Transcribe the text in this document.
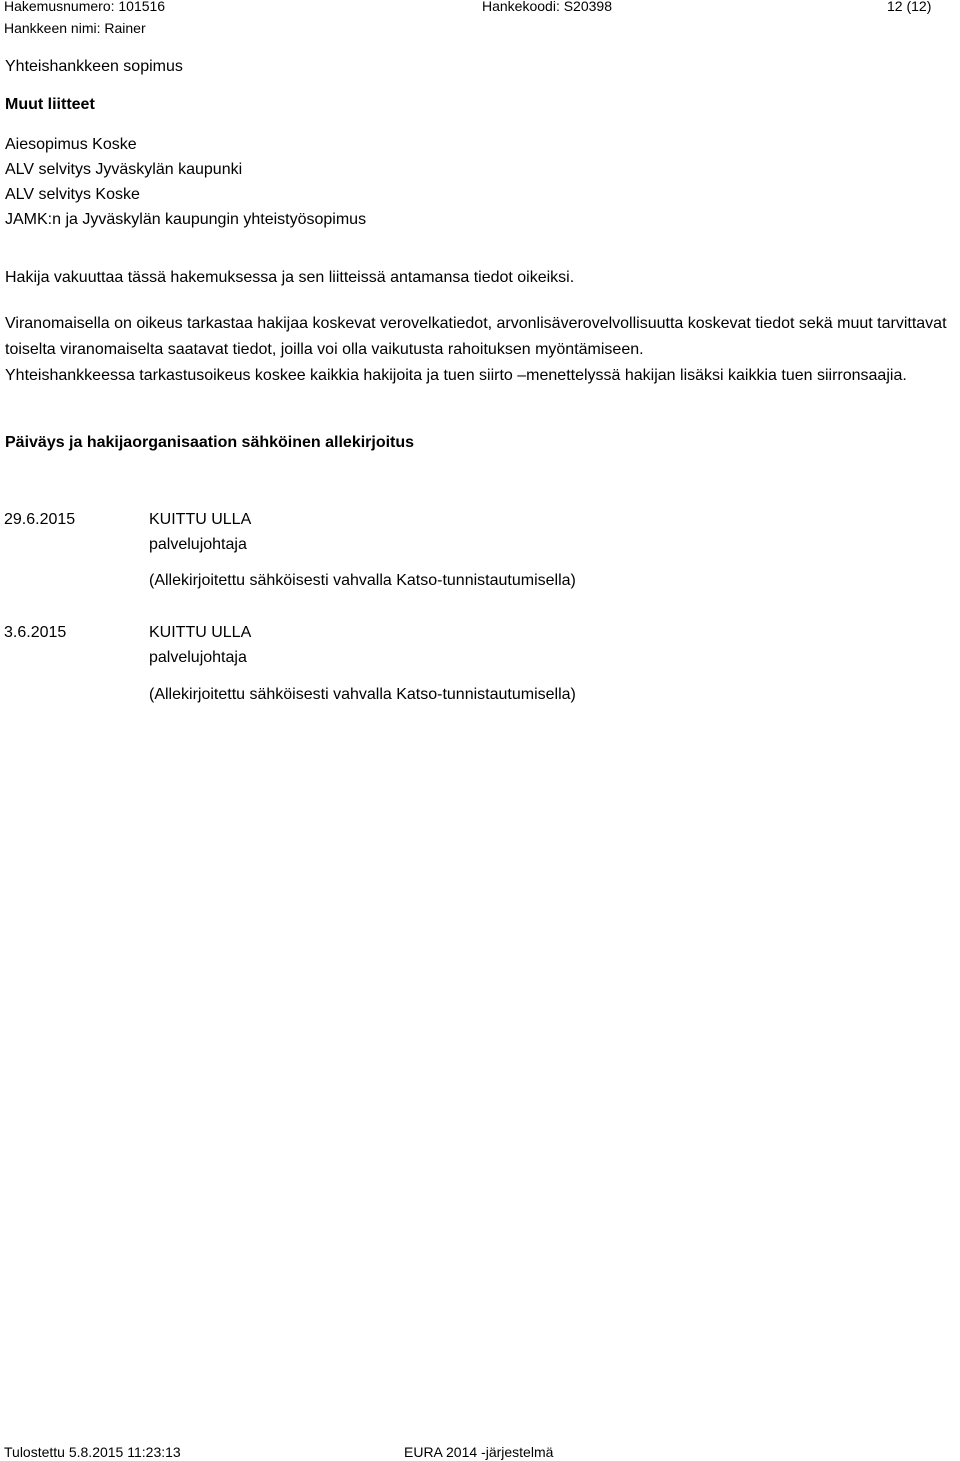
Hakemusnumero: 101516	Hankekoodi: S20398	12 (12)
Hankkeen nimi: Rainer
Yhteishankkeen sopimus
Muut liitteet
Aiesopimus Koske
ALV selvitys Jyväskylän kaupunki
ALV selvitys Koske
JAMK:n ja Jyväskylän kaupungin yhteistyösopimus
Hakija vakuuttaa tässä hakemuksessa ja sen liitteissä antamansa tiedot oikeiksi.

Viranomaisella on oikeus tarkastaa hakijaa koskevat verovelkatiedot, arvonlisäverovelvollisuutta koskevat tiedot sekä muut tarvittavat toiselta viranomaiselta saatavat tiedot, joilla voi olla vaikutusta rahoituksen myöntämiseen.

Yhteishankkeessa tarkastusoikeus koskee kaikkia hakijoita ja tuen siirto –menettelyssä hakijan lisäksi kaikkia tuen siirronsaajia.

Päiväys ja hakijaorganisaation sähköinen allekirjoitus
29.6.2015	KUITTU ULLA
palvelujohtaja
(Allekirjoitettu sähköisesti vahvalla Katso-tunnistautumisella)
3.6.2015	KUITTU ULLA
palvelujohtaja
(Allekirjoitettu sähköisesti vahvalla Katso-tunnistautumisella)
Tulostettu 5.8.2015 11:23:13	EURA 2014 -järjestelmä
